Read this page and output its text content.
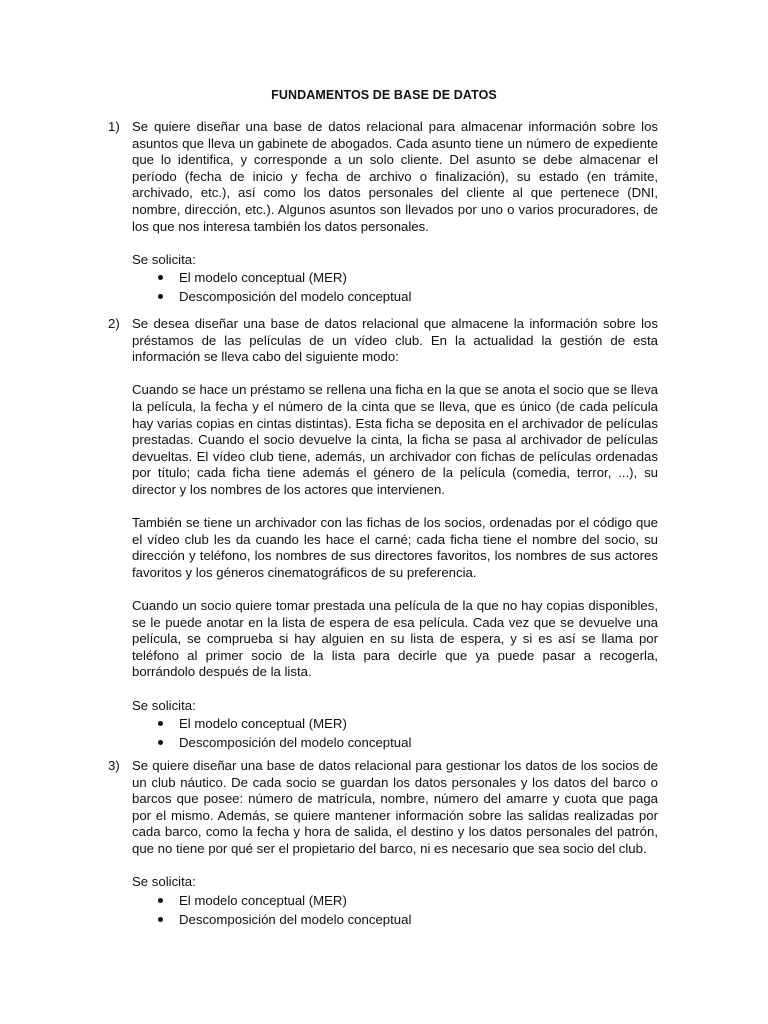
FUNDAMENTOS DE BASE DE DATOS
1) Se quiere diseñar una base de datos relacional para almacenar información sobre los asuntos que lleva un gabinete de abogados. Cada asunto tiene un número de expediente que lo identifica, y corresponde a un solo cliente. Del asunto se debe almacenar el período (fecha de inicio y fecha de archivo o finalización), su estado (en trámite, archivado, etc.), así como los datos personales del cliente al que pertenece (DNI, nombre, dirección, etc.). Algunos asuntos son llevados por uno o varios procuradores, de los que nos interesa también los datos personales.

Se solicita:

El modelo conceptual (MER)
Descomposición del modelo conceptual
2) Se desea diseñar una base de datos relacional que almacene la información sobre los préstamos de las películas de un vídeo club. En la actualidad la gestión de esta información se lleva cabo del siguiente modo:

Cuando se hace un préstamo se rellena una ficha en la que se anota el socio que se lleva la película, la fecha y el número de la cinta que se lleva, que es único (de cada película hay varias copias en cintas distintas). Esta ficha se deposita en el archivador de películas prestadas. Cuando el socio devuelve la cinta, la ficha se pasa al archivador de películas devueltas. El vídeo club tiene, además, un archivador con fichas de películas ordenadas por título; cada ficha tiene además el género de la película (comedia, terror, ...), su director y los nombres de los actores que intervienen.

También se tiene un archivador con las fichas de los socios, ordenadas por el código que el vídeo club les da cuando les hace el carné; cada ficha tiene el nombre del socio, su dirección y teléfono, los nombres de sus directores favoritos, los nombres de sus actores favoritos y los géneros cinematográficos de su preferencia.

Cuando un socio quiere tomar prestada una película de la que no hay copias disponibles, se le puede anotar en la lista de espera de esa película. Cada vez que se devuelve una película, se comprueba si hay alguien en su lista de espera, y si es así se llama por teléfono al primer socio de la lista para decirle que ya puede pasar a recogerla, borrándolo después de la lista.

Se solicita:

El modelo conceptual (MER)
Descomposición del modelo conceptual
3) Se quiere diseñar una base de datos relacional para gestionar los datos de los socios de un club náutico. De cada socio se guardan los datos personales y los datos del barco o barcos que posee: número de matrícula, nombre, número del amarre y cuota que paga por el mismo. Además, se quiere mantener información sobre las salidas realizadas por cada barco, como la fecha y hora de salida, el destino y los datos personales del patrón, que no tiene por qué ser el propietario del barco, ni es necesario que sea socio del club.

Se solicita:

El modelo conceptual (MER)
Descomposición del modelo conceptual
